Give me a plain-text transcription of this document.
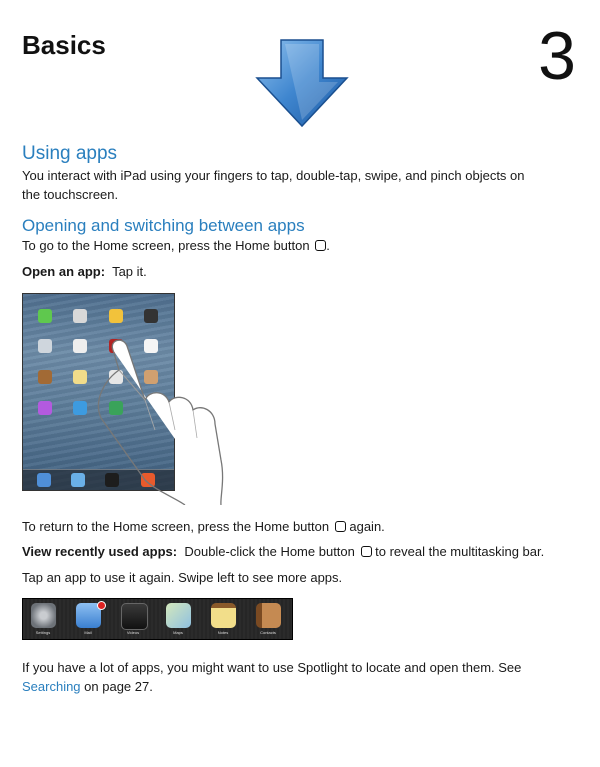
Basics	3
Using apps
You interact with iPad using your fingers to tap, double-tap, swipe, and pinch objects on the touchscreen.
Opening and switching between apps
To go to the Home screen, press the Home button .
Open an app: Tap it.
To return to the Home screen, press the Home button again.
View recently used apps: Double-click the Home button to reveal the multitasking bar.
Tap an app to use it again. Swipe left to see more apps.
Settings	Mail	Videos	Maps	Notes	Contacts
If you have a lot of apps, you might want to use Spotlight to locate and open them. See Searching on page 27.
